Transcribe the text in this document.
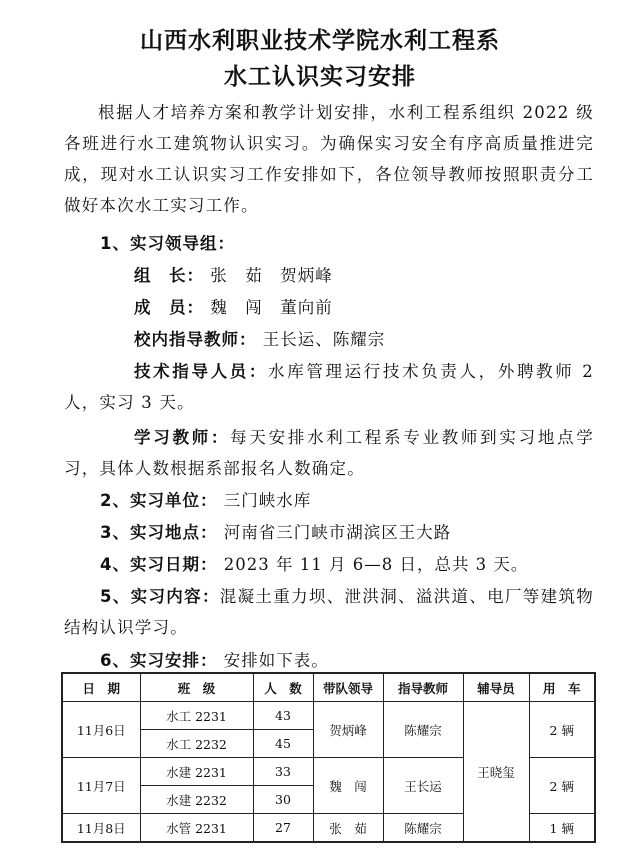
山西水利职业技术学院水利工程系
水工认识实习安排
根据人才培养方案和教学计划安排，水利工程系组织 2022 级各班进行水工建筑物认识实习。为确保实习安全有序高质量推进完成，现对水工认识实习工作安排如下，各位领导教师按照职责分工做好本次水工实习工作。
1、实习领导组：
组　长： 张　茹　贺炳峰
成　员： 魏　闯　董向前
校内指导教师： 王长运、陈耀宗
技术指导人员：水库管理运行技术负责人，外聘教师 2 人，实习 3 天。
学习教师：每天安排水利工程系专业教师到实习地点学习，具体人数根据系部报名人数确定。
2、实习单位： 三门峡水库
3、实习地点： 河南省三门峡市湖滨区王大路
4、实习日期： 2023 年 11 月 6—8 日，总共 3 天。
5、实习内容：混凝土重力坝、泄洪洞、溢洪道、电厂等建筑物结构认识学习。
6、实习安排： 安排如下表。
日　期	班　级	人　数	带队领导	指导教师	辅导员	用　车
11月6日	水工 2231	43	贺炳峰	陈耀宗	王晓玺	2 辆
	水工 2232	45				
11月7日	水建 2231	33	魏　闯	王长运		2 辆
	水建 2232	30				
11月8日	水管 2231	27	张　茹	陈耀宗		1 辆
